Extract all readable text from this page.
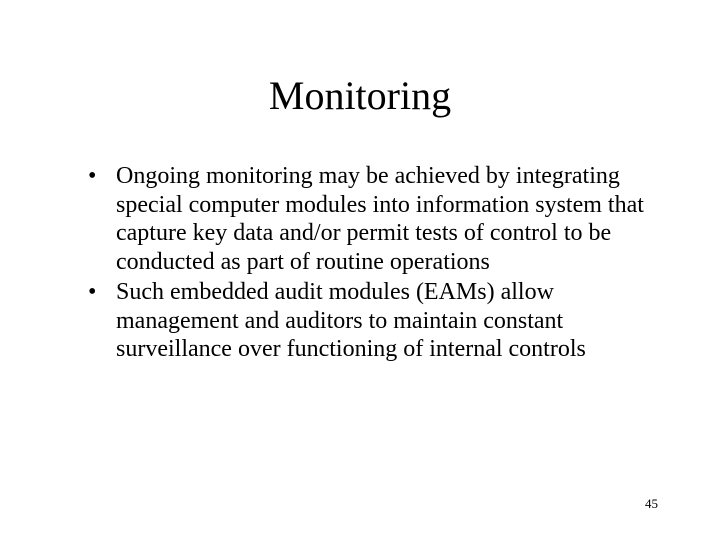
Monitoring
• Ongoing monitoring may be achieved by integrating special computer modules into information system that capture key data and/or permit tests of control to be conducted as part of routine operations
• Such embedded audit modules (EAMs) allow management and auditors to maintain constant surveillance over functioning of internal controls
45
